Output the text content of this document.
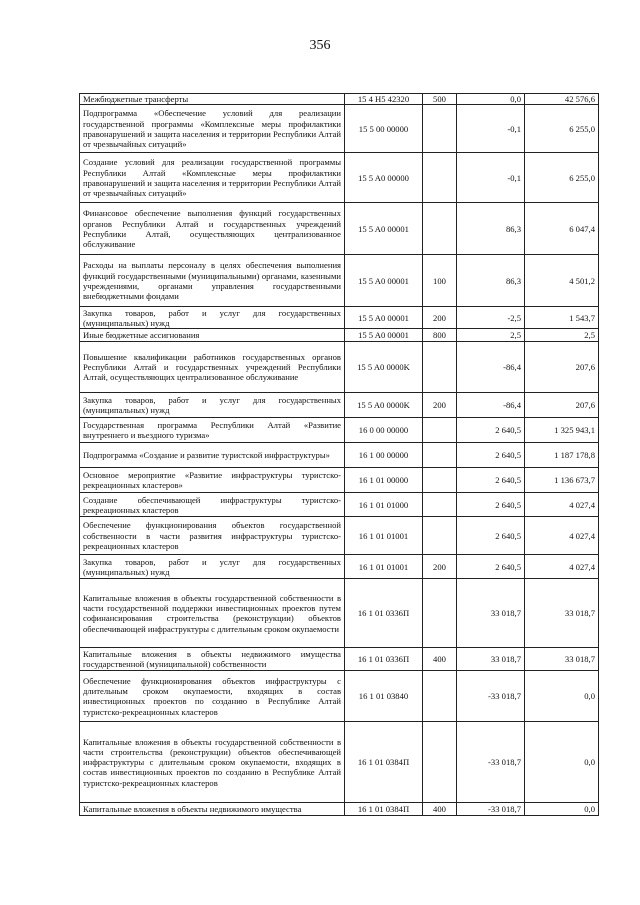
356
Межбюджетные трансферты	15 4 H5 42320	500	0,0	42 576,6
Подпрограмма «Обеспечение условий для реализации государственной программы «Комплексные меры профилактики правонарушений и защита населения и территории Республики Алтай от чрезвычайных ситуаций»	15 5 00 00000		-0,1	6 255,0
Создание условий для реализации государственной программы Республики Алтай «Комплексные меры профилактики правонарушений и защита населения и территории Республики Алтай от чрезвычайных ситуаций»	15 5 A0 00000		-0,1	6 255,0
Финансовое обеспечение выполнения функций государственных органов Республики Алтай и государственных учреждений Республики Алтай, осуществляющих централизованное обслуживание	15 5 A0 00001		86,3	6 047,4
Расходы на выплаты персоналу в целях обеспечения выполнения функций государственными (муниципальными) органами, казенными учреждениями, органами управления государственными внебюджетными фондами	15 5 A0 00001	100	86,3	4 501,2
Закупка товаров, работ и услуг для государственных (муниципальных) нужд	15 5 A0 00001	200	-2,5	1 543,7
Иные бюджетные ассигнования	15 5 A0 00001	800	2,5	2,5
Повышение квалификации работников государственных органов Республики Алтай и государственных учреждений Республики Алтай, осуществляющих централизованное обслуживание	15 5 A0 0000K		-86,4	207,6
Закупка товаров, работ и услуг для государственных (муниципальных) нужд	15 5 A0 0000K	200	-86,4	207,6
Государственная программа Республики Алтай «Развитие внутреннего и въездного туризма»	16 0 00 00000		2 640,5	1 325 943,1
Подпрограмма «Создание и развитие туристской инфраструктуры»	16 1 00 00000		2 640,5	1 187 178,8
Основное мероприятие «Развитие инфраструктуры туристско-рекреационных кластеров»	16 1 01 00000		2 640,5	1 136 673,7
Создание обеспечивающей инфраструктуры туристско-рекреационных кластеров	16 1 01 01000		2 640,5	4 027,4
Обеспечение функционирования объектов государственной собственности в части развития инфраструктуры туристско-рекреационных кластеров	16 1 01 01001		2 640,5	4 027,4
Закупка товаров, работ и услуг для государственных (муниципальных) нужд	16 1 01 01001	200	2 640,5	4 027,4
Капитальные вложения в объекты государственной собственности в части государственной поддержки инвестиционных проектов путем софинансирования строительства (реконструкции) объектов обеспечивающей инфраструктуры с длительным сроком окупаемости	16 1 01 0336П		33 018,7	33 018,7
Капитальные вложения в объекты недвижимого имущества государственной (муниципальной) собственности	16 1 01 0336П	400	33 018,7	33 018,7
Обеспечение функционирования объектов инфраструктуры с длительным сроком окупаемости, входящих в состав инвестиционных проектов по созданию в Республике Алтай туристско-рекреационных кластеров	16 1 01 03840		-33 018,7	0,0
Капитальные вложения в объекты государственной собственности в части строительства (реконструкции) объектов обеспечивающей инфраструктуры с длительным сроком окупаемости, входящих в состав инвестиционных проектов по созданию в Республике Алтай туристско-рекреационных кластеров	16 1 01 0384П		-33 018,7	0,0
Капитальные вложения в объекты недвижимого имущества	16 1 01 0384П	400	-33 018,7	0,0
